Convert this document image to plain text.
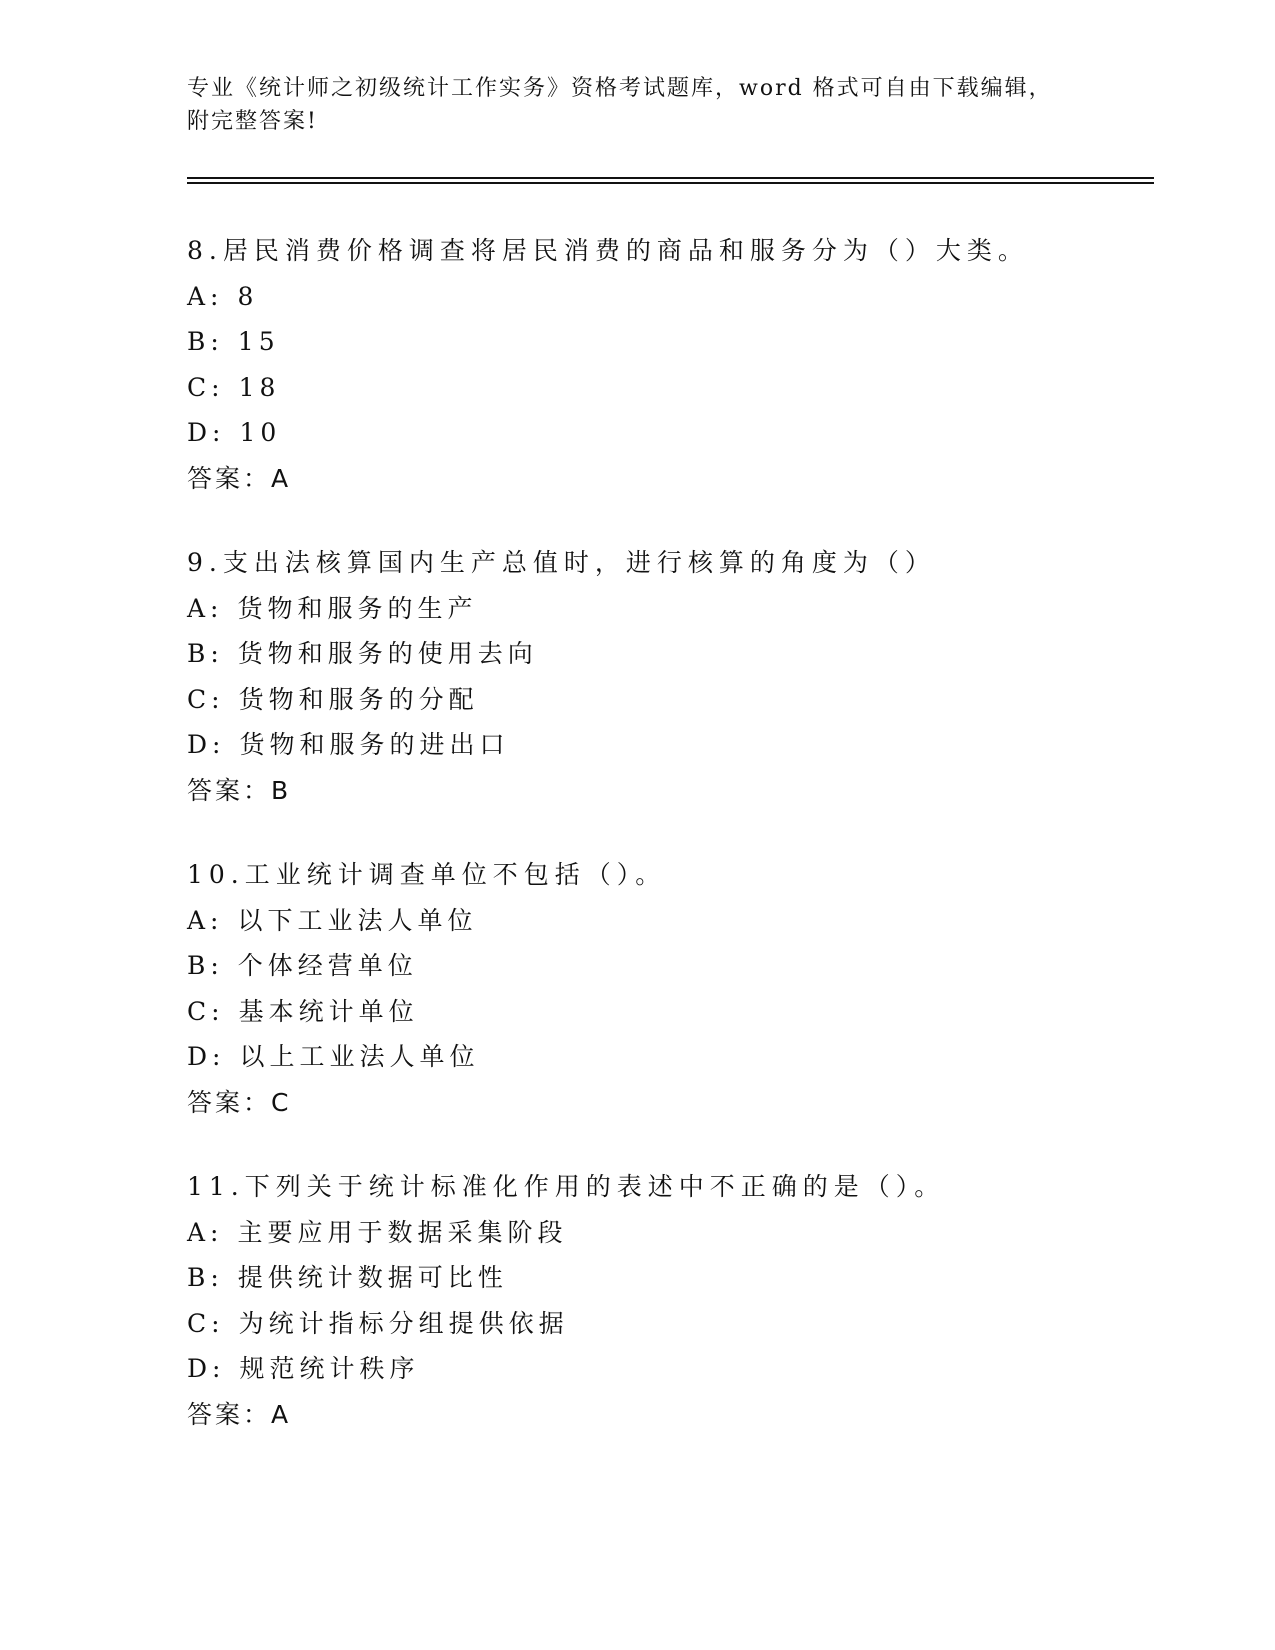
专业《统计师之初级统计工作实务》资格考试题库，word 格式可自由下载编辑，

附完整答案!

8.居民消费价格调查将居民消费的商品和服务分为（）大类。
A: 8
B: 15
C: 18
D: 10
答案：A
9.支出法核算国内生产总值时，进行核算的角度为（）
A: 货物和服务的生产
B: 货物和服务的使用去向
C: 货物和服务的分配
D: 货物和服务的进出口
答案：B
10.工业统计调查单位不包括（）。
A: 以下工业法人单位
B: 个体经营单位
C: 基本统计单位
D: 以上工业法人单位
答案：C
11.下列关于统计标准化作用的表述中不正确的是（）。
A: 主要应用于数据采集阶段
B: 提供统计数据可比性
C: 为统计指标分组提供依据
D: 规范统计秩序
答案：A
